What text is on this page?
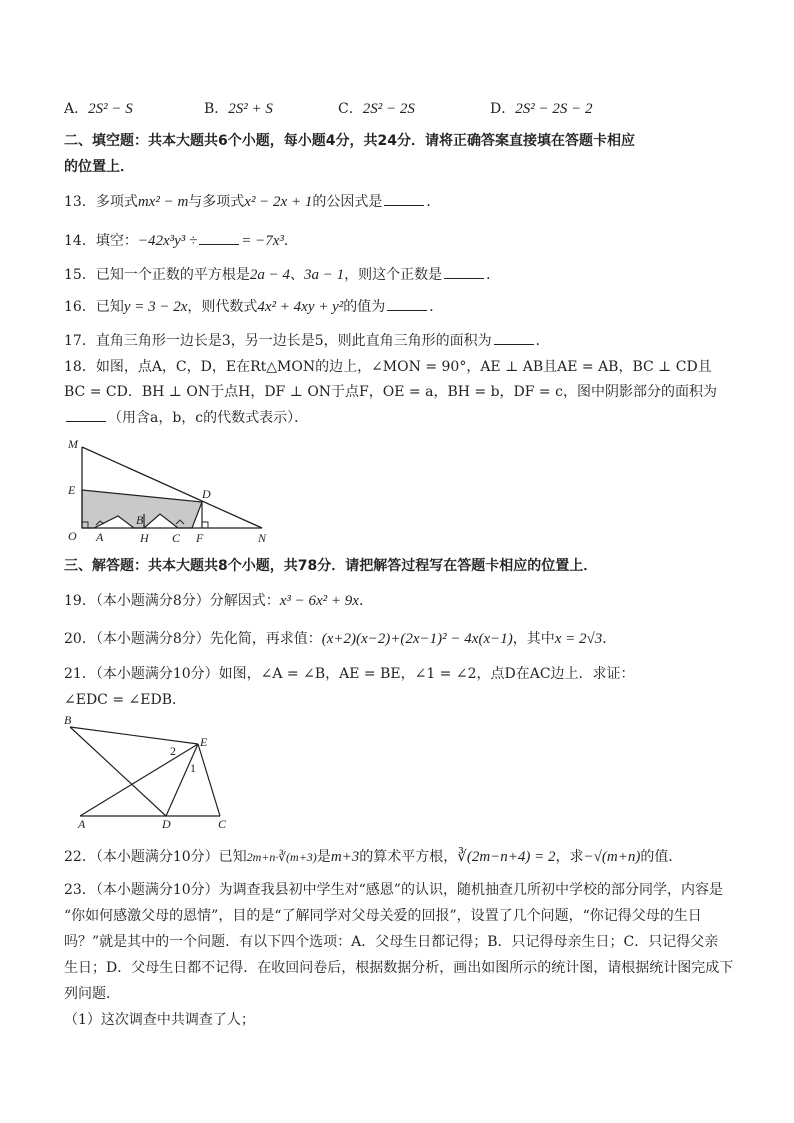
A．2S² − S	B．2S² + S	C．2S² − 2S	D．2S² − 2S − 2
二、填空题：共本大题共6个小题，每小题4分，共24分．请将正确答案直接填在答题卡相应
的位置上．
13．多项式mx² − m与多项式x² − 2x + 1的公因式是	．
14．填空：−42x³y³ ÷	= −7x³．
15．已知一个正数的平方根是2a − 4、3a − 1，则这个正数是	．
16．已知y = 3 − 2x，则代数式4x² + 4xy + y²的值为	．
17．直角三角形一边长是3，另一边长是5，则此直角三角形的面积为	．
18．如图，点A，C，D，E在Rt△MON的边上，∠MON = 90°，AE ⊥ AB且AE = AB，BC ⊥ CD且
BC = CD．BH ⊥ ON于点H，DF ⊥ ON于点F，OE = a，BH = b，DF = c，图中阴影部分的面积为
（用含a，b，c的代数式表示）．
M
E	D
O A
B
H C F	N
三、解答题：共本大题共8个小题，共78分．请把解答过程写在答题卡相应的位置上．
19．（本小题满分8分）分解因式：x³ − 6x² + 9x．
20．（本小题满分8分）先化简，再求值：(x+2)(x−2)+(2x−1)² − 4x(x−1)，其中x = 2√3．
21．（本小题满分10分）如图，∠A = ∠B，AE = BE，∠1 = ∠2，点D在AC边上．求证：
∠EDC = ∠EDB．
B
E
A	D	C
1
2
22．（本小题满分10分）已知2m+n·∛(m+3)是m+3的算术平方根，∛(2m−n+4) = 2，求−√(m+n)的值．
23．（本小题满分10分）为调查我县初中学生对“感恩”的认识，随机抽查几所初中学校的部分同学，内容是
“你如何感激父母的恩情”，目的是“了解同学对父母关爱的回报”，设置了几个问题，“你记得父母的生日
吗？”就是其中的一个问题．有以下四个选项：A．父母生日都记得；B．只记得母亲生日；C．只记得父亲
生日；D．父母生日都不记得．在收回问卷后，根据数据分析，画出如图所示的统计图，请根据统计图完成下
列问题．
（1）这次调查中共调查了人；
